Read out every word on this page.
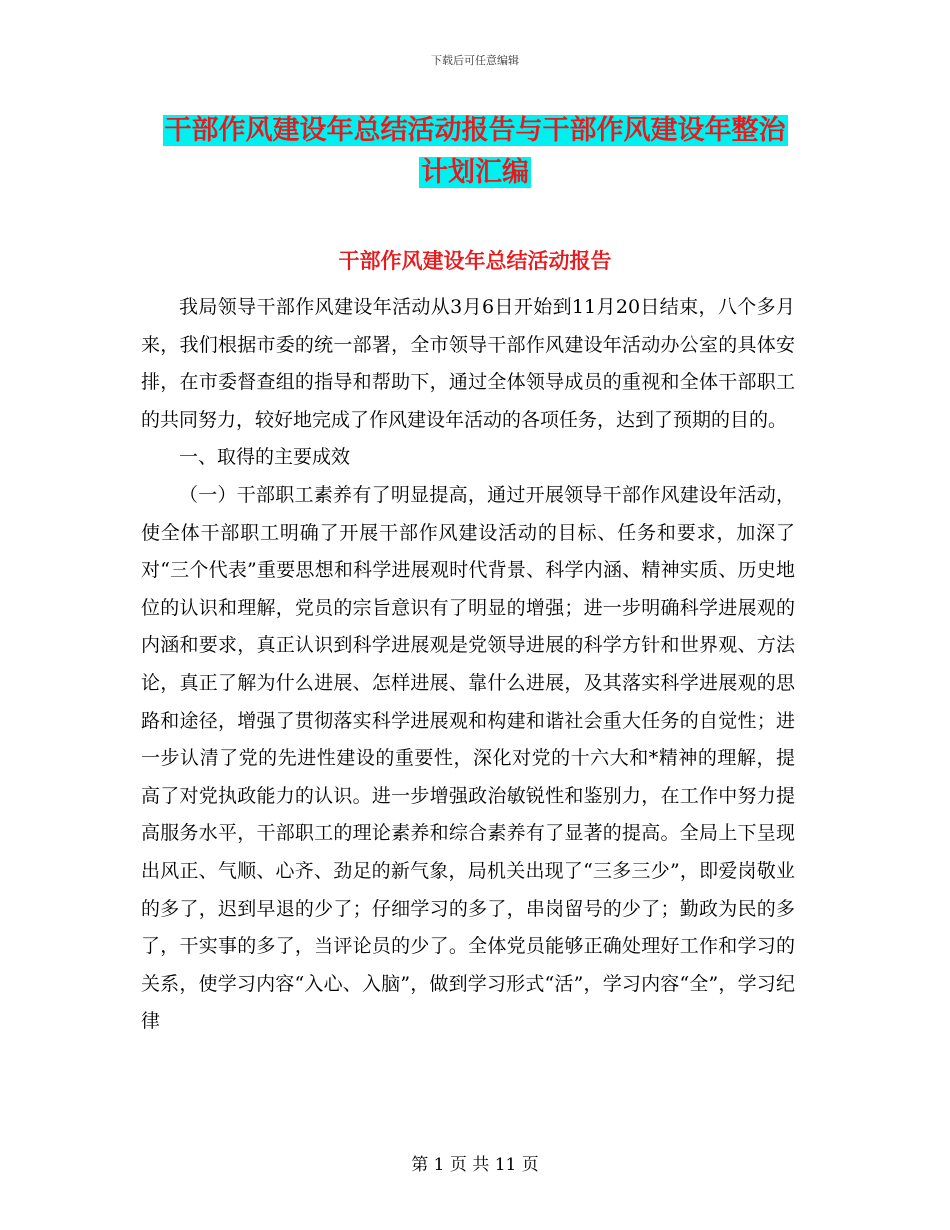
下载后可任意编辑
干部作风建设年总结活动报告与干部作风建设年整治
计划汇编
干部作风建设年总结活动报告

我局领导干部作风建设年活动从3月6日开始到11月20日结束，八个多月来，我们根据市委的统一部署，全市领导干部作风建设年活动办公室的具体安排，在市委督查组的指导和帮助下，通过全体领导成员的重视和全体干部职工的共同努力，较好地完成了作风建设年活动的各项任务，达到了预期的目的。

一、取得的主要成效

（一）干部职工素养有了明显提高，通过开展领导干部作风建设年活动，使全体干部职工明确了开展干部作风建设活动的目标、任务和要求，加深了对“三个代表”重要思想和科学进展观时代背景、科学内涵、精神实质、历史地位的认识和理解，党员的宗旨意识有了明显的增强；进一步明确科学进展观的内涵和要求，真正认识到科学进展观是党领导进展的科学方针和世界观、方法论，真正了解为什么进展、怎样进展、靠什么进展，及其落实科学进展观的思路和途径，增强了贯彻落实科学进展观和构建和谐社会重大任务的自觉性；进一步认清了党的先进性建设的重要性，深化对党的十六大和*精神的理解，提高了对党执政能力的认识。进一步增强政治敏锐性和鉴别力，在工作中努力提高服务水平，干部职工的理论素养和综合素养有了显著的提高。全局上下呈现出风正、气顺、心齐、劲足的新气象，局机关出现了“三多三少”，即爱岗敬业的多了，迟到早退的少了；仔细学习的多了，串岗留号的少了；勤政为民的多了，干实事的多了，当评论员的少了。全体党员能够正确处理好工作和学习的关系，使学习内容“入心、入脑”，做到学习形式“活”，学习内容“全”，学习纪律

第 1 页 共 11 页
